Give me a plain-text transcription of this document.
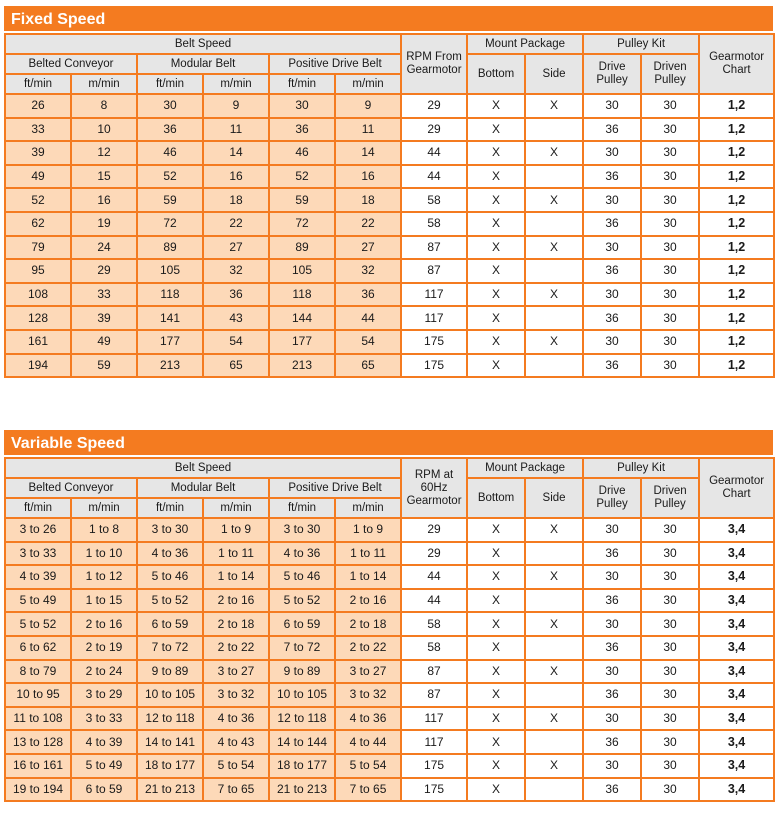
Fixed Speed
Belt Speed						RPM From
Gearmotor	Mount Package		Pulley Kit		Gearmotor
Chart
Belted Conveyor		Modular Belt		Positive Drive Belt			Bottom	Side	Drive
Pulley	Driven
Pulley	
ft/min	m/min	ft/min	m/min	ft/min	m/min						
26	8	30	9	30	9	29	X	X	30	30	1,2
33	10	36	11	36	11	29	X		36	30	1,2
39	12	46	14	46	14	44	X	X	30	30	1,2
49	15	52	16	52	16	44	X		36	30	1,2
52	16	59	18	59	18	58	X	X	30	30	1,2
62	19	72	22	72	22	58	X		36	30	1,2
79	24	89	27	89	27	87	X	X	30	30	1,2
95	29	105	32	105	32	87	X		36	30	1,2
108	33	118	36	118	36	117	X	X	30	30	1,2
128	39	141	43	144	44	117	X		36	30	1,2
161	49	177	54	177	54	175	X	X	30	30	1,2
194	59	213	65	213	65	175	X		36	30	1,2
Variable Speed
Belt Speed						RPM at
60Hz
Gearmotor	Mount Package		Pulley Kit		Gearmotor
Chart
Belted Conveyor		Modular Belt		Positive Drive Belt			Bottom	Side	Drive
Pulley	Driven
Pulley	
ft/min	m/min	ft/min	m/min	ft/min	m/min						
3 to 26	1 to 8	3 to 30	1 to 9	3 to 30	1 to 9	29	X	X	30	30	3,4
3 to 33	1 to 10	4 to 36	1 to 11	4 to 36	1 to 11	29	X		36	30	3,4
4 to 39	1 to 12	5 to 46	1 to 14	5 to 46	1 to 14	44	X	X	30	30	3,4
5 to 49	1 to 15	5 to 52	2 to 16	5 to 52	2 to 16	44	X		36	30	3,4
5 to 52	2 to 16	6 to 59	2 to 18	6 to 59	2 to 18	58	X	X	30	30	3,4
6 to 62	2 to 19	7 to 72	2 to 22	7 to 72	2 to 22	58	X		36	30	3,4
8 to 79	2 to 24	9 to 89	3 to 27	9 to 89	3 to 27	87	X	X	30	30	3,4
10 to 95	3 to 29	10 to 105	3 to 32	10 to 105	3 to 32	87	X		36	30	3,4
11 to 108	3 to 33	12 to 118	4 to 36	12 to 118	4 to 36	117	X	X	30	30	3,4
13 to 128	4 to 39	14 to 141	4 to 43	14 to 144	4 to 44	117	X		36	30	3,4
16 to 161	5 to 49	18 to 177	5 to 54	18 to 177	5 to 54	175	X	X	30	30	3,4
19 to 194	6 to 59	21 to 213	7 to 65	21 to 213	7 to 65	175	X		36	30	3,4
